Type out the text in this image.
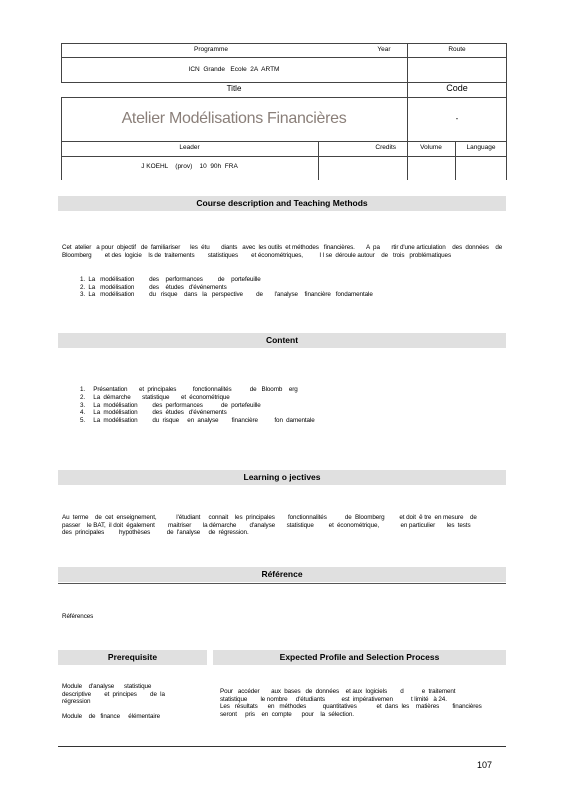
Programme	Year	Route
ICN  Grande   Ecole  2A  ARTM
Title	Code
Atelier Modélisations Financières	-
Leader	Credits	Volume	Language
J KOEHL    (prov)    10  90h  FRA
Course description and Teaching Methods
Cet  atelier   a pour  objectif   de  familiariser      les  étu       diants   avec  les outils  et méthodes   financières.       A  pa       rtir d'une articulation    des  données    de Bloomberg        et des  logicie    ls de  traitements        statistiques        et économétriques,          I l se  déroule autour    de   trois   problématiques
1.  La   modélisation         des    performances         de    portefeuille
2.  La   modélisation         des    études   d'événements
3.  La   modélisation         du   risque    dans   la   perspective        de       l'analyse    financière   fondamentale
Content
1.     Présentation       et  principales          fonctionnalités           de   Bloomb    erg
2.     La  démarche       statistique       et  économétrique
3.     La  modélisation         des  performances           de  portefeuille
4.     La  modélisation         des  études   d'événements
5.     La  modélisation         du  risque     en  analyse        financière          fon  damentale
Learning o jectives
Au  terme    de  cet  enseignement,            l'étudiant     connait    les  principales        fonctionnalités           de  Bloomberg         et doit  ê tre  en mesure    de  passer    le BAT,  il doit  également        maitriser       la démarche        d'analyse       statistique         et  économétrique,             en particulier       les  tests  des  principales         hypothèses          de  l'analyse     de  régression.
Référence
Références
Prerequisite	Expected Profile and Selection Process
Module    d'analyse      statistique
descriptive        et  principes        de  la
régression
Module    de   finance     élémentaire
Pour   accéder       aux  bases   de  données    et aux  logiciels        d           e  traitement
statistique        le nombre     d'étudiants          est  impérativemen           t limité   à 24.
Les   résultats      en   méthodes          quantitatives            et  dans  les    matières        financières
seront     pris    en  compte      pour    la  sélection.
107
